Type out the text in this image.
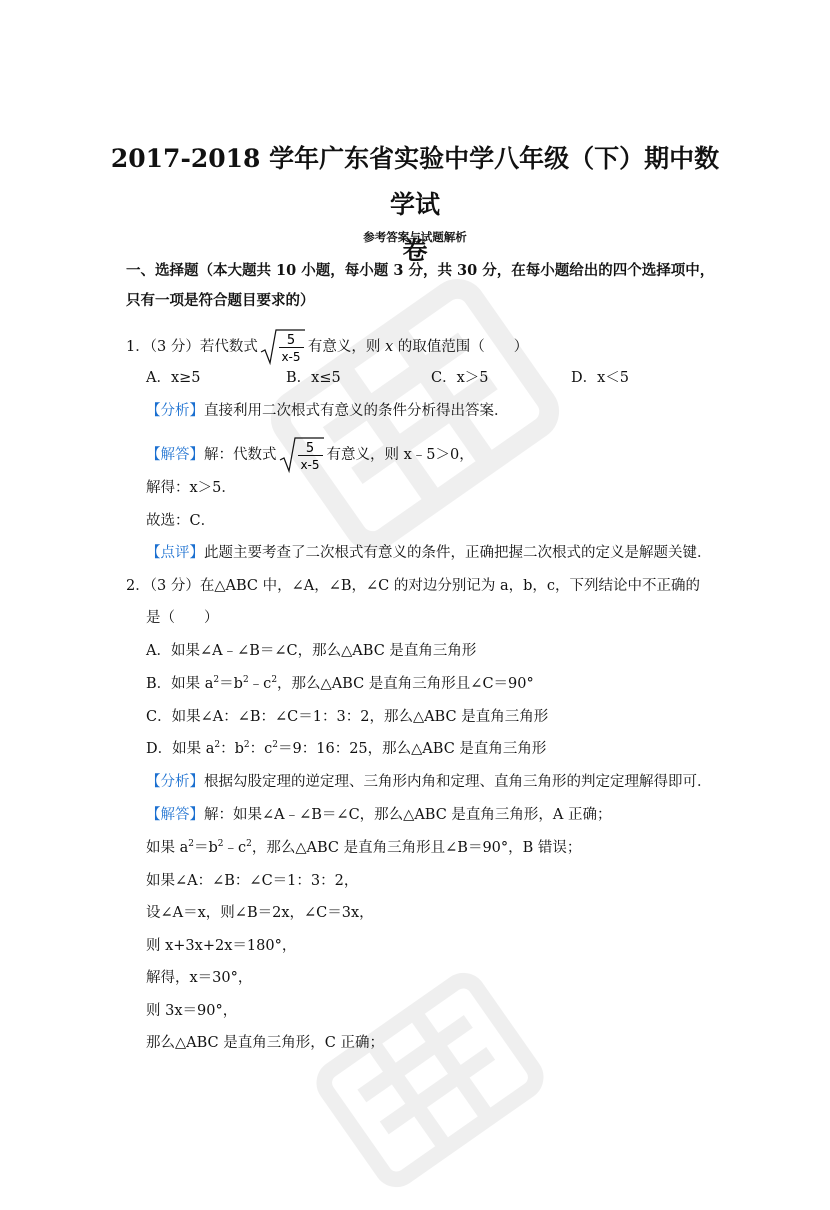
2017-2018 学年广东省实验中学八年级（下）期中数学试
卷
参考答案与试题解析
一、选择题（本大题共 10 小题，每小题 3 分，共 30 分，在每小题给出的四个选择项中，
只有一项是符合题目要求的）
1．（3 分）若代数式 5
x-5
有意义，则 x 的取值范围（　　）
A．x≥5	B．x≤5	C．x＞5	D．x＜5
【分析】直接利用二次根式有意义的条件分析得出答案．
【解答】解：代数式 5
x-5
有意义，则 x﹣5＞0，
解得：x＞5．
故选：C．
【点评】此题主要考查了二次根式有意义的条件，正确把握二次根式的定义是解题关键．
2．（3 分）在△ABC 中，∠A，∠B，∠C 的对边分别记为 a，b，c，下列结论中不正确的
是（　　）
A．如果∠A﹣∠B＝∠C，那么△ABC 是直角三角形
B．如果 $a^2=b^2﹣c^2$，那么△ABC 是直角三角形且∠C＝90°
C．如果∠A：∠B：∠C＝1：3：2，那么△ABC 是直角三角形
D．如果 $a^2$：$b^2$：$c^2=9$：16：25，那么△ABC 是直角三角形
【分析】根据勾股定理的逆定理、三角形内角和定理、直角三角形的判定定理解得即可．
【解答】解：如果∠A﹣∠B＝∠C，那么△ABC 是直角三角形，A 正确；
如果 $a^2=b^2﹣c^2$，那么△ABC 是直角三角形且∠B＝90°，B 错误；
如果∠A：∠B：∠C＝1：3：2，
设∠A＝x，则∠B＝2x，∠C＝3x，
则 x+3x+2x＝180°，
解得，x＝30°，
则 3x＝90°，
那么△ABC 是直角三角形，C 正确；
